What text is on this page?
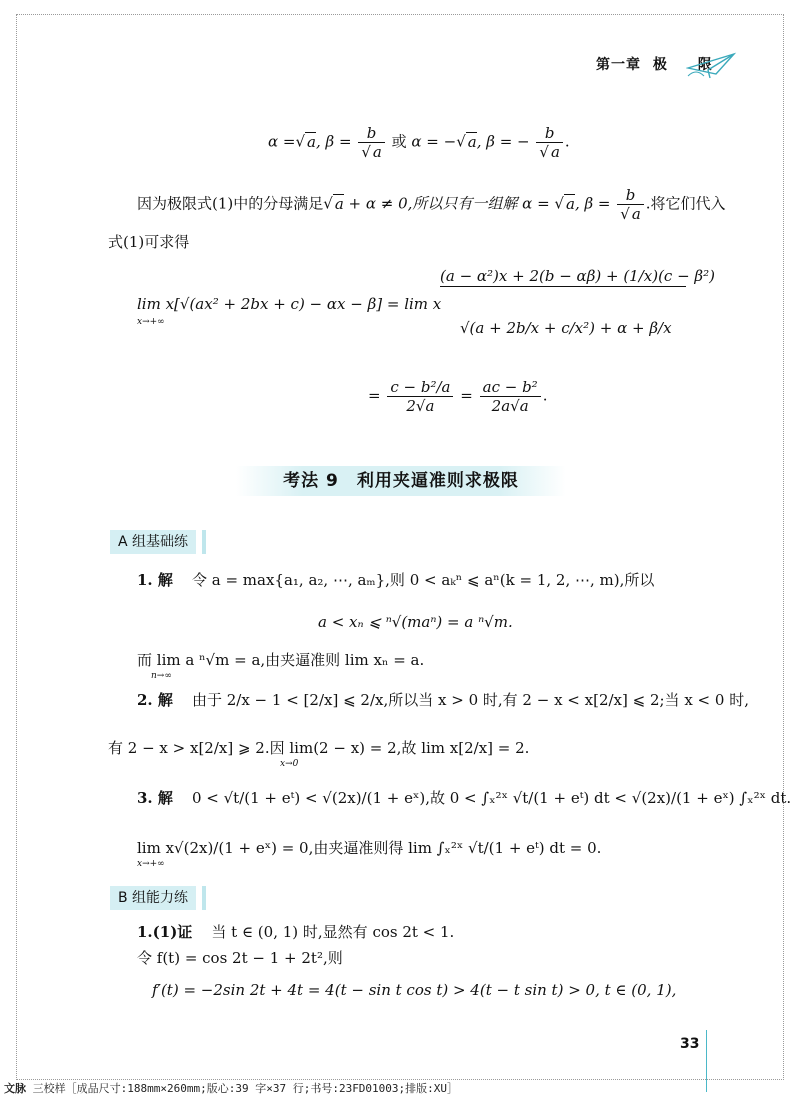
第一章 极 限
α =√ a, $\beta = \frac{b}{√ a}$ 或 α = −√ a, β = − $\frac{b}{√ a}$ .
因为极限式(1)中的分母满足√ a + α ≠ 0,所以只有一组解 α = √ a, $\beta = \frac{b}{√ a}$ .将它们代入
式(1)可求得
lim x[√(ax² + 2bx + c) − αx − β] = lim x
x→+∞
(a − α²)x + 2(b − αβ) + (1/x)(c − β²)
√(a + 2b/x + c/x²) + α + β/x
= $\frac{\text{c − b²/a}}{2√a} = \frac{\text{ac − b²}}{2a√a}$ .
考法 9　利用夹逼准则求极限
A 组基础练
1. 解 令 a = max{a₁, a₂, ⋯, aₘ},则 0 < aₖⁿ ⩽ aⁿ(k = 1, 2, ⋯, m),所以
a < xₙ ⩽ ⁿ√(maⁿ) = a ⁿ√m.
而 lim a ⁿ√m = a,由夹逼准则 lim xₙ = a.
n→∞
2. 解 由于 2/x − 1 < [2/x] ⩽ 2/x,所以当 x > 0 时,有 2 − x < x[2/x] ⩽ 2;当 x < 0 时,
有 2 − x > x[2/x] ⩾ 2.因 lim(2 − x) = 2,故 lim x[2/x] = 2.
x→0
3. 解 0 < √t/(1 + eᵗ) < √(2x)/(1 + eˣ),故 0 < ∫ₓ²ˣ √t/(1 + eᵗ) dt < √(2x)/(1 + eˣ) ∫ₓ²ˣ dt.
lim x√(2x)/(1 + eˣ) = 0,由夹逼准则得 lim ∫ₓ²ˣ √t/(1 + eᵗ) dt = 0.
x→+∞
B 组能力练
1.(1)证 当 t ∈ (0, 1) 时,显然有 cos 2t < 1.
令 f(t) = cos 2t − 1 + 2t²,则
f′(t) = −2sin 2t + 4t = 4(t − sin t cos t) > 4(t − t sin t) > 0, t ∈ (0, 1),
33
文脉 三校样［成品尺寸:188mm×260mm;版心:39 字×37 行;书号:23FD01003;排版:XU］
